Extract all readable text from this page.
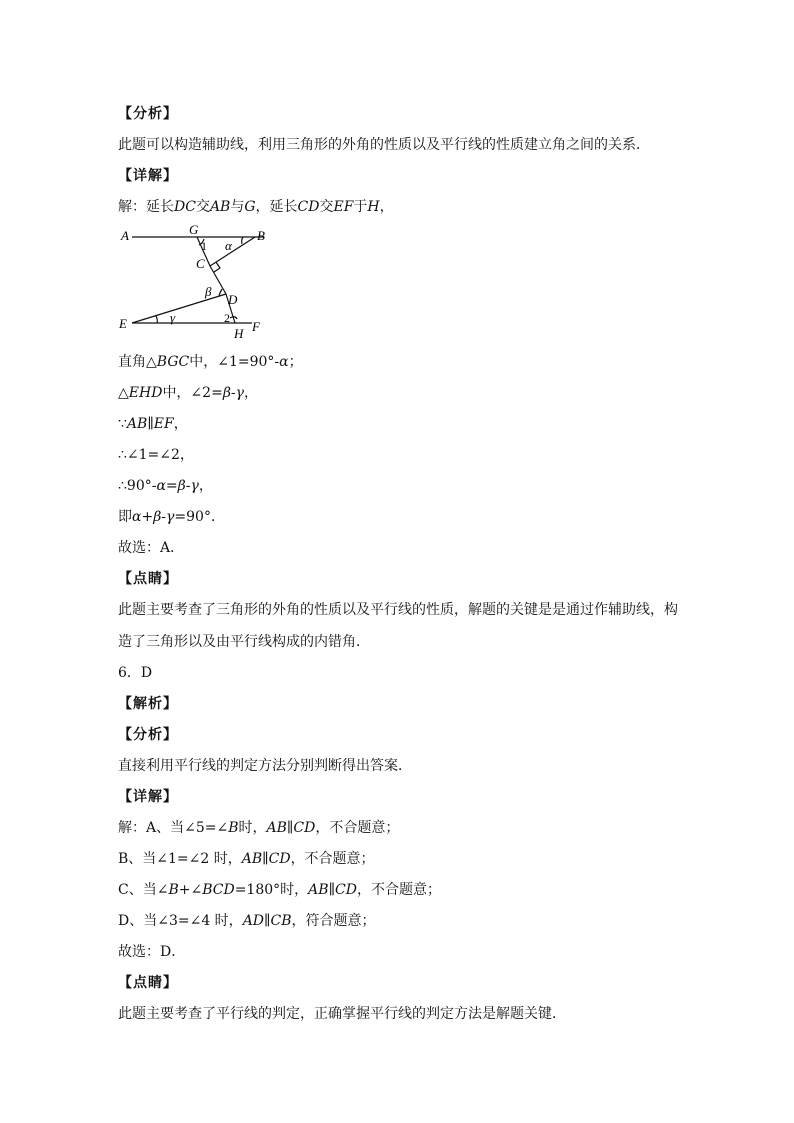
【分析】
此题可以构造辅助线，利用三角形的外角的性质以及平行线的性质建立角之间的关系．
【详解】
解：延长DC交AB与G，延长CD交EF于H，
A	G	B
1 α
C
β
D
E	γ	2
F
H
直角△BGC中，∠1=90°-α；
△EHD中，∠2=β-γ，
∵AB∥EF，
∴∠1=∠2，
∴90°-α=β-γ，
即α+β-γ=90°．
故选：A．
【点睛】
此题主要考查了三角形的外角的性质以及平行线的性质，解题的关键是是通过作辅助线，构
造了三角形以及由平行线构成的内错角．
6．D
【解析】
【分析】
直接利用平行线的判定方法分别判断得出答案．
【详解】
解：A、当∠5=∠B时，AB∥CD，不合题意；
B、当∠1=∠2 时，AB∥CD，不合题意；
C、当∠B+∠BCD=180°时，AB∥CD，不合题意；
D、当∠3=∠4 时，AD∥CB，符合题意；
故选：D．
【点睛】
此题主要考查了平行线的判定，正确掌握平行线的判定方法是解题关键．
